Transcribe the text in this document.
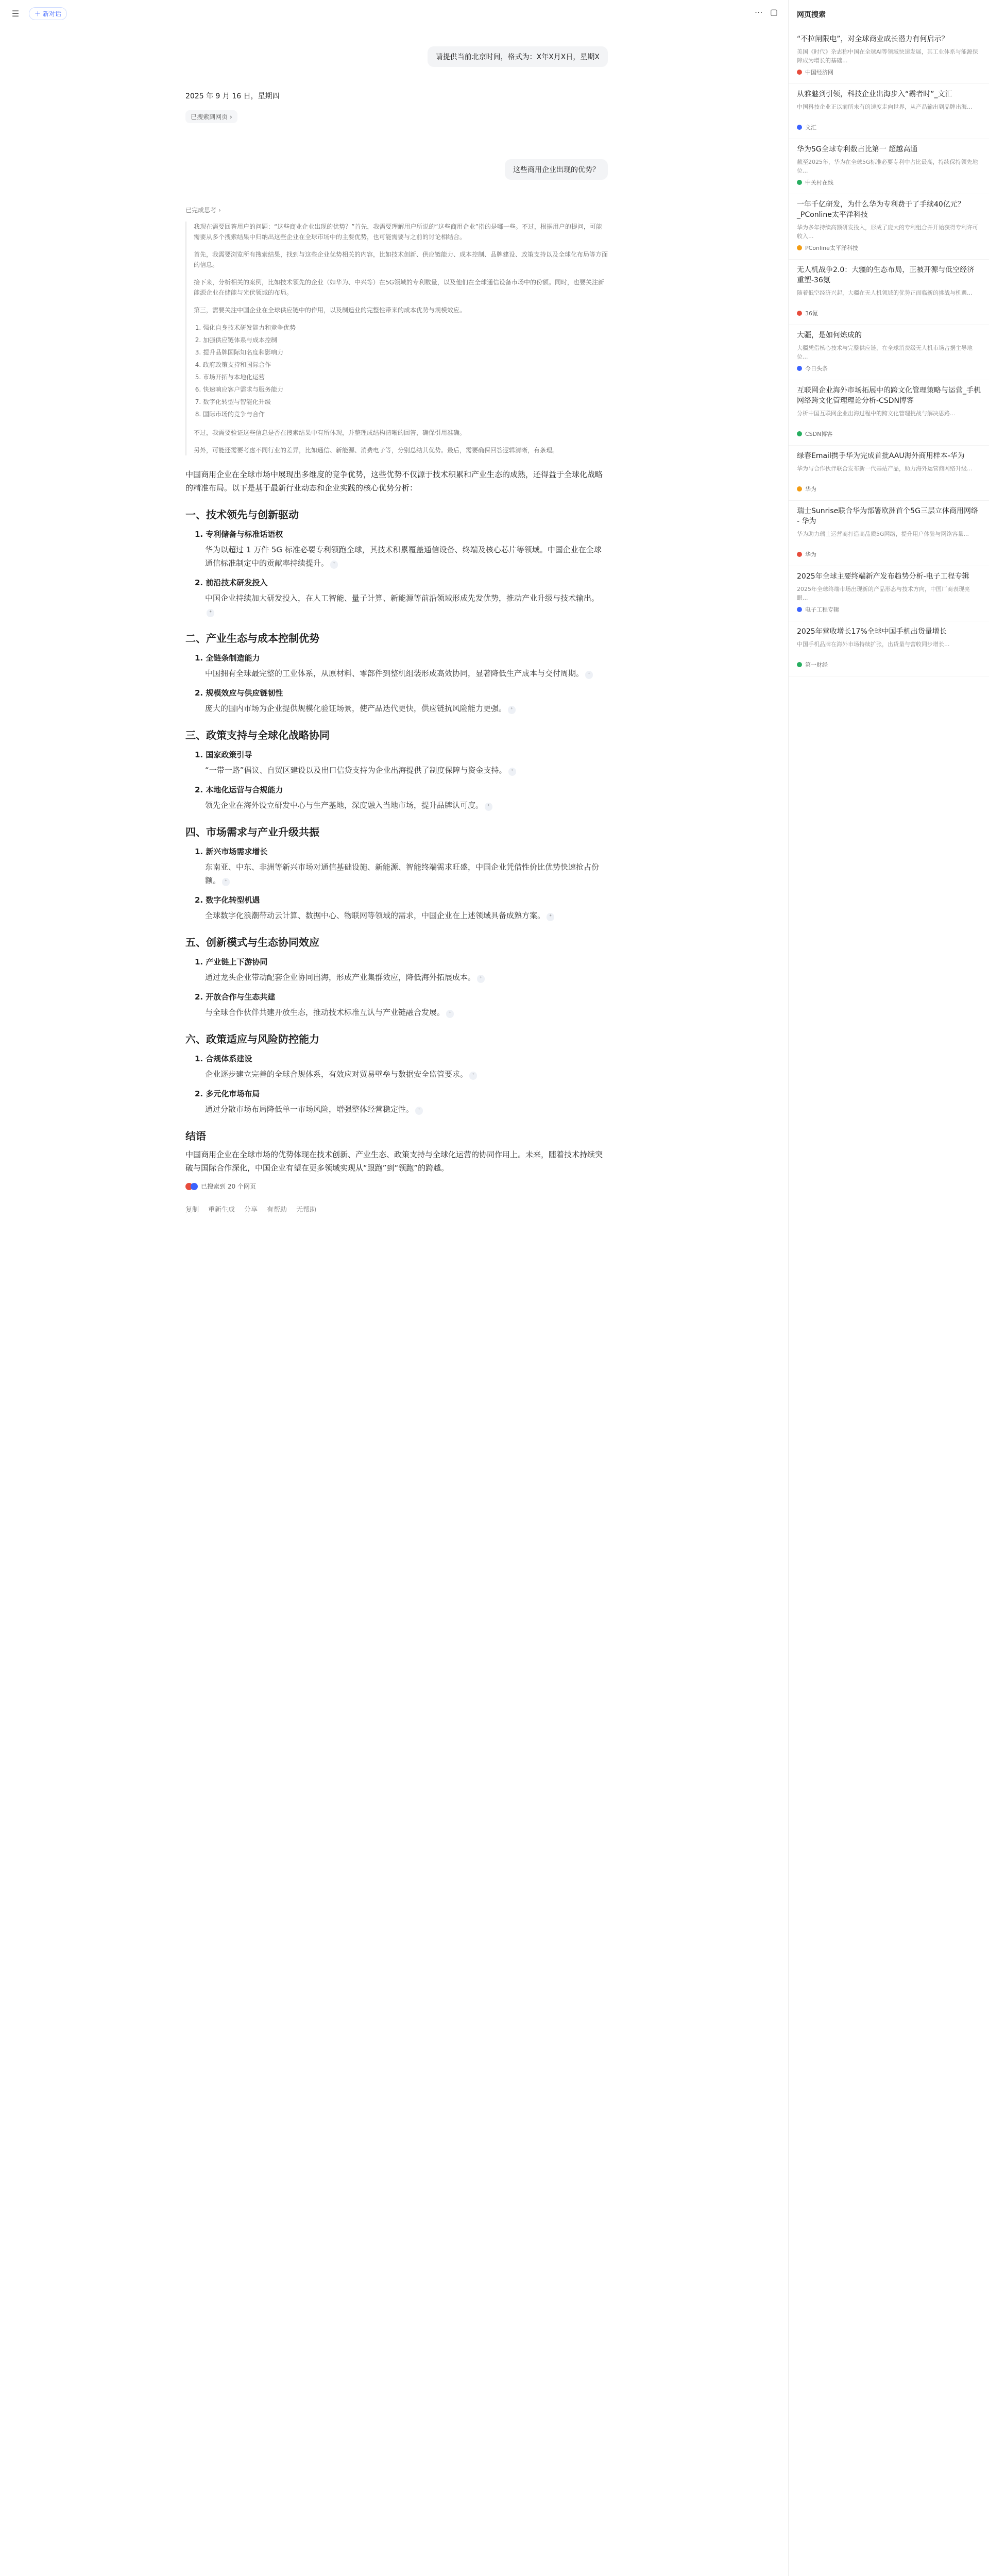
☰	＋ 新对话	⋯ ▢
请提供当前北京时间，格式为：X年X月X日，星期X
2025 年 9 月 16 日，星期四
已搜索到网页 ›
这些商用企业出现的优势？
已完成思考 ›

我现在需要回答用户的问题：“这些商业企业出现的优势？”首先，我需要理解用户所说的“这些商用企业”指的是哪一些。不过，根据用户的提问，可能需要从多个搜索结果中归纳出这些企业在全球市场中的主要优势，也可能需要与之前的讨论相结合。

首先，我需要浏览所有搜索结果，找到与这些企业优势相关的内容，比如技术创新、供应链能力、成本控制、品牌建设、政策支持以及全球化布局等方面的信息。

接下来，分析相关的案例，比如技术领先的企业（如华为、中兴等）在5G领域的专利数量，以及他们在全球通信设备市场中的份额。同时，也要关注新能源企业在储能与光伏领域的布局。

第三，需要关注中国企业在全球供应链中的作用，以及制造业的完整性带来的成本优势与规模效应。

1. 强化自身技术研发能力和竞争优势
2. 加强供应链体系与成本控制
3. 提升品牌国际知名度和影响力
4. 政府政策支持和国际合作
5. 市场开拓与本地化运营
6. 快速响应客户需求与服务能力
7. 数字化转型与智能化升级
8. 国际市场的竞争与合作

不过，我需要验证这些信息是否在搜索结果中有所体现，并整理成结构清晰的回答，确保引用准确。

另外，可能还需要考虑不同行业的差异，比如通信、新能源、消费电子等，分别总结其优势。最后，需要确保回答逻辑清晰，有条理。

中国商用企业在全球市场中展现出多维度的竞争优势，这些优势不仅源于技术积累和产业生态的成熟，还得益于全球化战略的精准布局。以下是基于最新行业动态和企业实践的核心优势分析：

一、技术领先与创新驱动
1. 专利储备与标准话语权

华为以超过 1 万件 5G 标准必要专利领跑全球，其技术积累覆盖通信设备、终端及核心芯片等领域。中国企业在全球通信标准制定中的贡献率持续提升。 ⁺

2. 前沿技术研发投入

中国企业持续加大研发投入，在人工智能、量子计算、新能源等前沿领域形成先发优势，推动产业升级与技术输出。⁺

二、产业生态与成本控制优势
1. 全链条制造能力

中国拥有全球最完整的工业体系，从原材料、零部件到整机组装形成高效协同，显著降低生产成本与交付周期。 ⁺

2. 规模效应与供应链韧性

庞大的国内市场为企业提供规模化验证场景，使产品迭代更快，供应链抗风险能力更强。 ⁺

三、政策支持与全球化战略协同
1. 国家政策引导

“一带一路”倡议、自贸区建设以及出口信贷支持为企业出海提供了制度保障与资金支持。 ⁺

2. 本地化运营与合规能力

领先企业在海外设立研发中心与生产基地，深度融入当地市场，提升品牌认可度。 ⁺

四、市场需求与产业升级共振
1. 新兴市场需求增长

东南亚、中东、非洲等新兴市场对通信基础设施、新能源、智能终端需求旺盛，中国企业凭借性价比优势快速抢占份额。 ⁺

2. 数字化转型机遇

全球数字化浪潮带动云计算、数据中心、物联网等领域的需求，中国企业在上述领域具备成熟方案。 ⁺

五、创新模式与生态协同效应
1. 产业链上下游协同

通过龙头企业带动配套企业协同出海，形成产业集群效应，降低海外拓展成本。 ⁺

2. 开放合作与生态共建

与全球合作伙伴共建开放生态，推动技术标准互认与产业链融合发展。 ⁺

六、政策适应与风险防控能力
1. 合规体系建设

企业逐步建立完善的全球合规体系，有效应对贸易壁垒与数据安全监管要求。 ⁺

2. 多元化市场布局

通过分散市场布局降低单一市场风险，增强整体经营稳定性。 ⁺

结语

中国商用企业在全球市场的优势体现在技术创新、产业生态、政策支持与全球化运营的协同作用上。未来，随着技术持续突破与国际合作深化，中国企业有望在更多领域实现从“跟跑”到“领跑”的跨越。

已搜索到 20 个网页
复制 重新生成 分享 有帮助 无帮助
网页搜索
“不拉闸限电”，对全球商业成长潜力有何启示？
美国《时代》杂志称中国在全球AI等领域快速发展，其工业体系与能源保障成为增长的基础...
中国经济网
从雅魅到引领，科技企业出海步入“霸者时”_文汇
中国科技企业正以前所未有的速度走向世界，从产品输出到品牌出海...
文汇
华为5G全球专利数占比第一 超越高通
截至2025年，华为在全球5G标准必要专利中占比最高，持续保持领先地位...
中关村在线
一年千亿研发，为什么华为专利费于了手续40亿元？_PConline太平洋科技
华为多年持续高额研发投入，形成了庞大的专利组合并开始获得专利许可收入...
PConline太平洋科技
无人机战争2.0：大疆的生态布局，正被开源与低空经济重塑-36氪
随着低空经济兴起，大疆在无人机领域的优势正面临新的挑战与机遇...
36氪
大疆，是如何炼成的
大疆凭借核心技术与完整供应链，在全球消费级无人机市场占据主导地位...
今日头条
互联网企业海外市场拓展中的跨文化管理策略与运营_手机网络跨文化管理理论分析-CSDN博客
分析中国互联网企业出海过程中的跨文化管理挑战与解决思路...
CSDN博客
绿春Email携手华为完成首批AAU海外商用样本-华为
华为与合作伙伴联合发布新一代基站产品，助力海外运营商网络升级...
华为
瑞士Sunrise联合华为部署欧洲首个5G三层立体商用网络 - 华为
华为助力瑞士运营商打造高品质5G网络，提升用户体验与网络容量...
华为
2025年全球主要终端新产发布趋势分析-电子工程专辑
2025年全球终端市场出现新的产品形态与技术方向，中国厂商表现亮眼...
电子工程专辑
2025年营收增长17%全球中国手机出货量增长
中国手机品牌在海外市场持续扩张，出货量与营收同步增长...
第一财经
